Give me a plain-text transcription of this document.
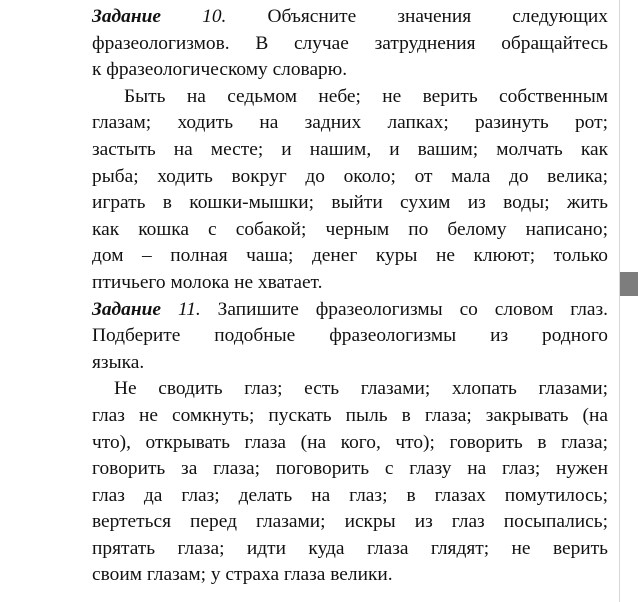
Задание 10. Объясните значения следующих
фразеологизмов. В случае затруднения обращайтесь
к фразеологическому словарю.
Быть на седьмом небе; не верить собственным
глазам; ходить на задних лапках; разинуть рот;
застыть на месте; и нашим, и вашим; молчать как
рыба; ходить вокруг до около; от мала до велика;
играть в кошки-мышки; выйти сухим из воды; жить
как кошка с собакой; черным по белому написано;
дом – полная чаша; денег куры не клюют; только
птичьего молока не хватает.
Задание 11. Запишите фразеологизмы со словом глаз.
Подберите подобные фразеологизмы из родного
языка.
Не сводить глаз; есть глазами; хлопать глазами;
глаз не сомкнуть; пускать пыль в глаза; закрывать (на
что), открывать глаза (на кого, что); говорить в глаза;
говорить за глаза; поговорить с глазу на глаз; нужен
глаз да глаз; делать на глаз; в глазах помутилось;
вертеться перед глазами; искры из глаз посыпались;
прятать глаза; идти куда глаза глядят; не верить
своим глазам; у страха глаза велики.
